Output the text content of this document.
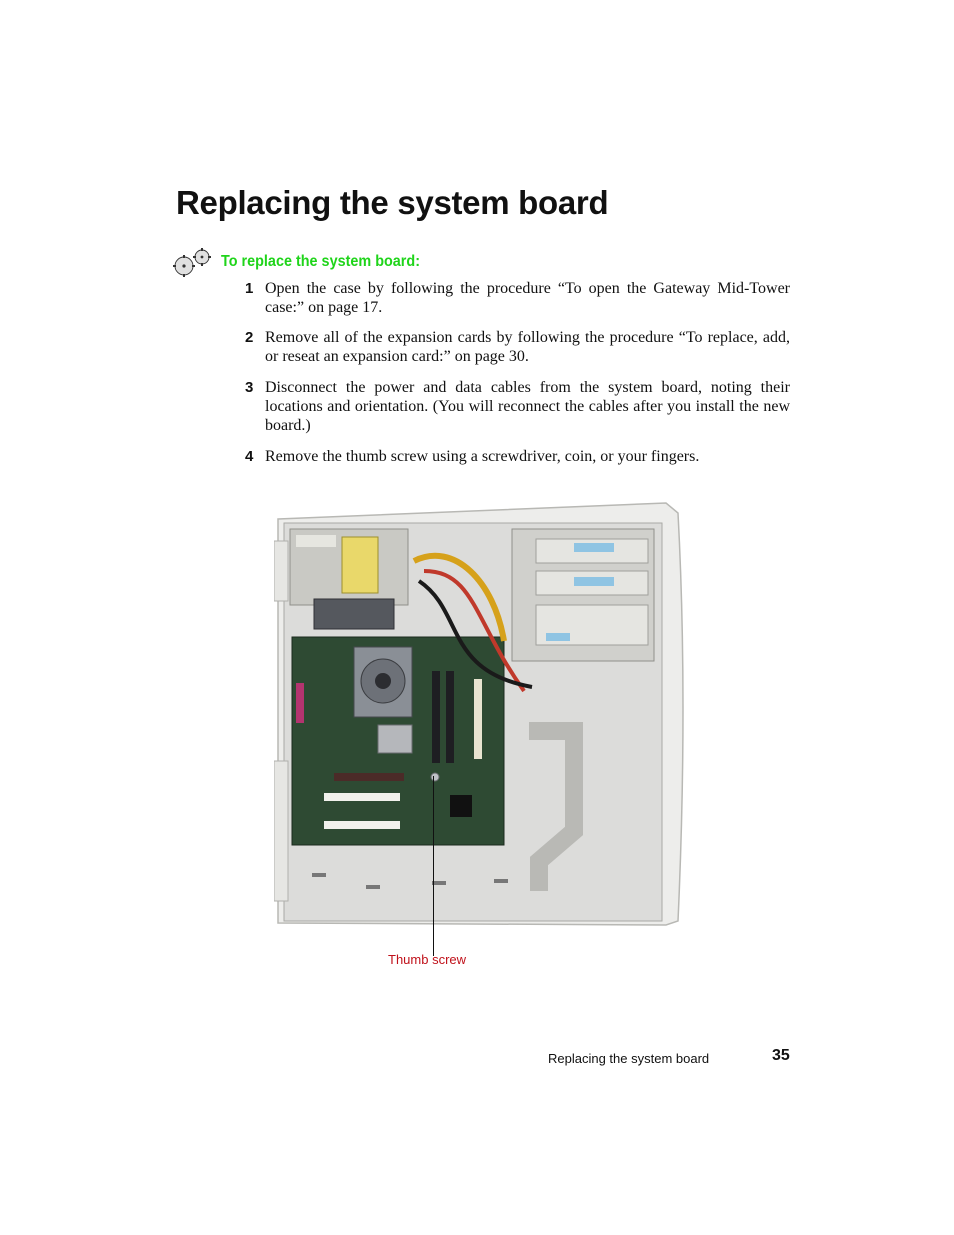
Replacing the system board
To replace the system board:
1 Open the case by following the procedure “To open the Gateway Mid-Tower case:” on page 17.
2 Remove all of the expansion cards by following the procedure “To replace, add, or reseat an expansion card:” on page 30.
3 Disconnect the power and data cables from the system board, noting their locations and orientation. (You will reconnect the cables after you install the new board.)
4 Remove the thumb screw using a screwdriver, coin, or your fingers.
Thumb screw
Replacing the system board	35
